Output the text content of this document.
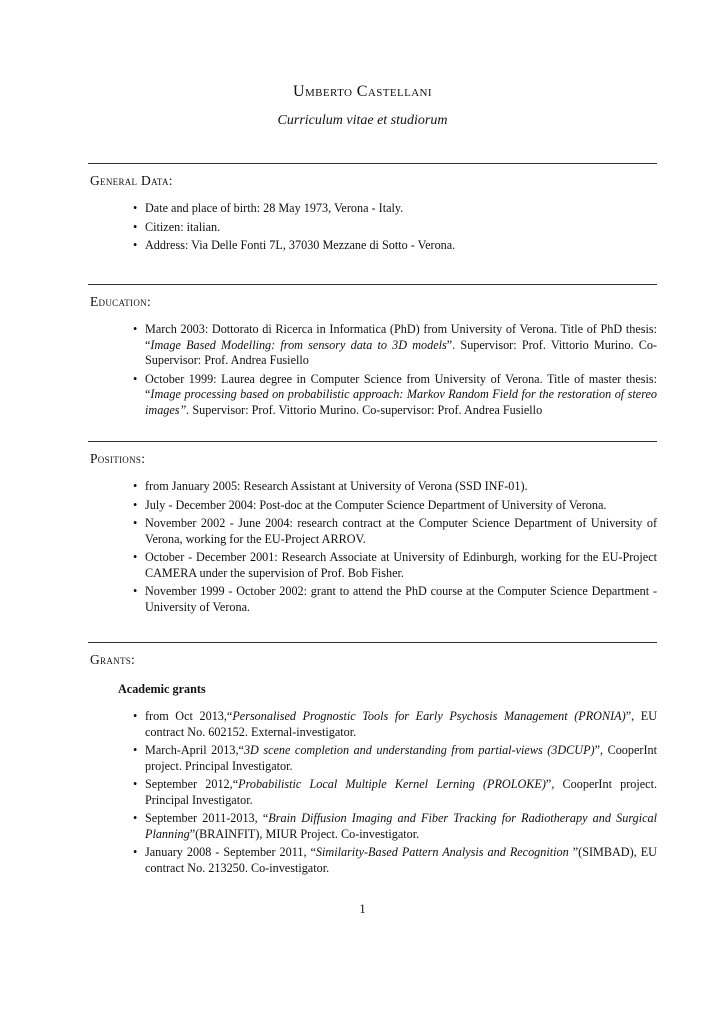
Umberto Castellani
Curriculum vitae et studiorum
General Data:
• Date and place of birth: 28 May 1973, Verona - Italy.
• Citizen: italian.
• Address: Via Delle Fonti 7L, 37030 Mezzane di Sotto - Verona.
Education:
• March 2003: Dottorato di Ricerca in Informatica (PhD) from University of Verona. Title of PhD thesis: “Image Based Modelling: from sensory data to 3D models”. Supervisor: Prof. Vittorio Murino. Co-Supervisor: Prof. Andrea Fusiello
• October 1999: Laurea degree in Computer Science from University of Verona. Title of master thesis: “Image processing based on probabilistic approach: Markov Random Field for the restoration of stereo images”. Supervisor: Prof. Vittorio Murino. Co-supervisor: Prof. Andrea Fusiello
Positions:
• from January 2005: Research Assistant at University of Verona (SSD INF-01).
• July - December 2004: Post-doc at the Computer Science Department of University of Verona.
• November 2002 - June 2004: research contract at the Computer Science Department of University of Verona, working for the EU-Project ARROV.
• October - December 2001: Research Associate at University of Edinburgh, working for the EU-Project CAMERA under the supervision of Prof. Bob Fisher.
• November 1999 - October 2002: grant to attend the PhD course at the Computer Science Department - University of Verona.
Grants:
Academic grants
• from Oct 2013,“Personalised Prognostic Tools for Early Psychosis Management (PRONIA)”, EU contract No. 602152. External-investigator.
• March-April 2013,“3D scene completion and understanding from partial-views (3DCUP)”, CooperInt project. Principal Investigator.
• September 2012,“Probabilistic Local Multiple Kernel Lerning (PROLOKE)”, CooperInt project. Principal Investigator.
• September 2011-2013, “Brain Diffusion Imaging and Fiber Tracking for Radiotherapy and Surgical Planning”(BRAINFIT), MIUR Project. Co-investigator.
• January 2008 - September 2011, “Similarity-Based Pattern Analysis and Recognition ”(SIMBAD), EU contract No. 213250. Co-investigator.
1
